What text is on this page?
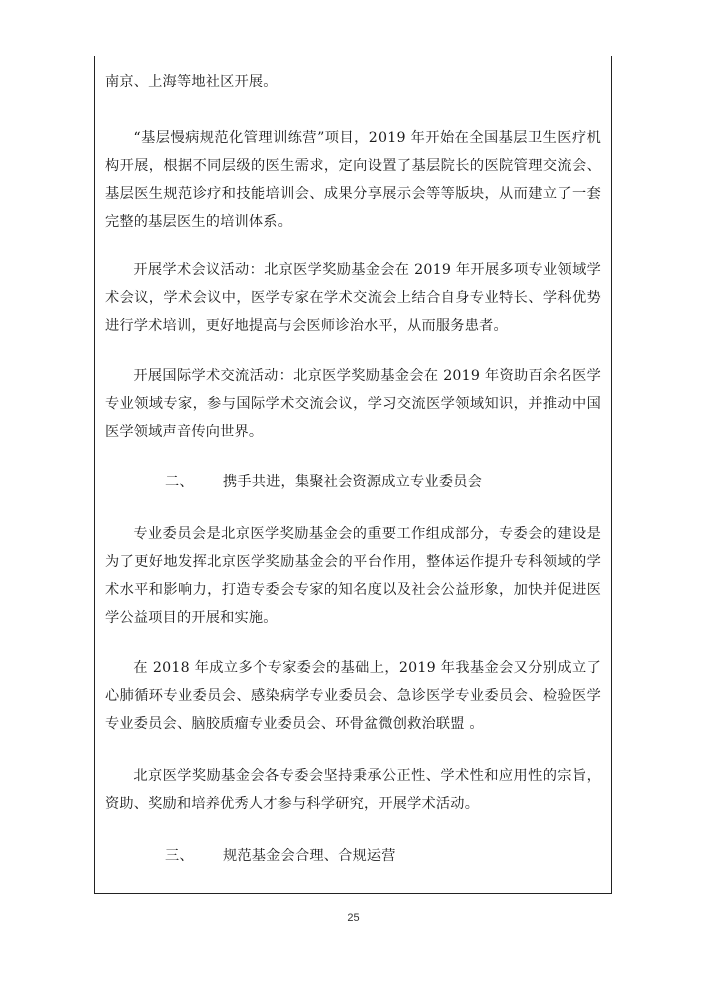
南京、上海等地社区开展。

“基层慢病规范化管理训练营”项目，2019 年开始在全国基层卫生医疗机构开展，根据不同层级的医生需求，定向设置了基层院长的医院管理交流会、基层医生规范诊疗和技能培训会、成果分享展示会等等版块，从而建立了一套完整的基层医生的培训体系。

开展学术会议活动：北京医学奖励基金会在 2019 年开展多项专业领域学术会议，学术会议中，医学专家在学术交流会上结合自身专业特长、学科优势进行学术培训，更好地提高与会医师诊治水平，从而服务患者。

开展国际学术交流活动：北京医学奖励基金会在 2019 年资助百余名医学专业领域专家，参与国际学术交流会议，学习交流医学领域知识，并推动中国医学领域声音传向世界。

二、 携手共进，集聚社会资源成立专业委员会

专业委员会是北京医学奖励基金会的重要工作组成部分，专委会的建设是为了更好地发挥北京医学奖励基金会的平台作用，整体运作提升专科领域的学术水平和影响力，打造专委会专家的知名度以及社会公益形象，加快并促进医学公益项目的开展和实施。

在 2018 年成立多个专家委会的基础上，2019 年我基金会又分别成立了心肺循环专业委员会、感染病学专业委员会、急诊医学专业委员会、检验医学专业委员会、脑胶质瘤专业委员会、环骨盆微创救治联盟 。

北京医学奖励基金会各专委会坚持秉承公正性、学术性和应用性的宗旨，资助、奖励和培养优秀人才参与科学研究，开展学术活动。

三、 规范基金会合理、合规运营
25
